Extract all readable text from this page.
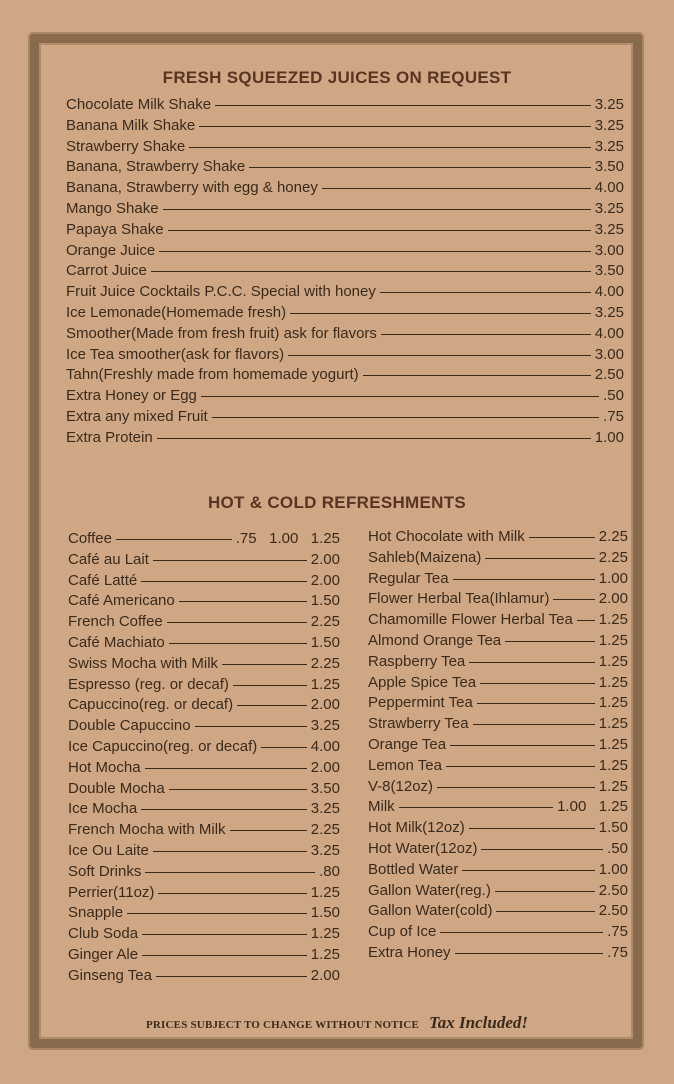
FRESH SQUEEZED JUICES ON REQUEST
Chocolate Milk Shake	3.25
Banana Milk Shake	3.25
Strawberry Shake	3.25
Banana, Strawberry Shake	3.50
Banana, Strawberry with egg & honey	4.00
Mango Shake	3.25
Papaya Shake	3.25
Orange Juice	3.00
Carrot Juice	3.50
Fruit Juice Cocktails P.C.C. Special with honey	4.00
Ice Lemonade(Homemade fresh)	3.25
Smoother(Made from fresh fruit) ask for flavors	4.00
Ice Tea smoother(ask for flavors)	3.00
Tahn(Freshly made from homemade yogurt)	2.50
Extra Honey or Egg	.50
Extra any mixed Fruit	.75
Extra Protein	1.00
HOT & COLD REFRESHMENTS
Coffee	.75   1.00   1.25
Café au Lait	2.00
Café Latté	2.00
Café Americano	1.50
French Coffee	2.25
Café Machiato	1.50
Swiss Mocha with Milk	2.25
Espresso (reg. or decaf)	1.25
Capuccino(reg. or decaf)	2.00
Double Capuccino	3.25
Ice Capuccino(reg. or decaf)	4.00
Hot Mocha	2.00
Double Mocha	3.50
Ice Mocha	3.25
French Mocha with Milk	2.25
Ice Ou Laite	3.25
Soft Drinks	.80
Perrier(11oz)	1.25
Snapple	1.50
Club Soda	1.25
Ginger Ale	1.25
Ginseng Tea	2.00
Hot Chocolate with Milk	2.25
Sahleb(Maizena)	2.25
Regular Tea	1.00
Flower Herbal Tea(Ihlamur)	2.00
Chamomille Flower Herbal Tea 1.25
Almond Orange Tea	1.25
Raspberry Tea	1.25
Apple Spice Tea	1.25
Peppermint Tea	1.25
Strawberry Tea	1.25
Orange Tea	1.25
Lemon Tea	1.25
V-8(12oz)	1.25
Milk	1.00   1.25
Hot Milk(12oz)	1.50
Hot Water(12oz)	.50
Bottled Water	1.00
Gallon Water(reg.)	2.50
Gallon Water(cold)	2.50
Cup of Ice	.75
Extra Honey	.75
PRICES SUBJECT TO CHANGE WITHOUT NOTICE Tax Included!
